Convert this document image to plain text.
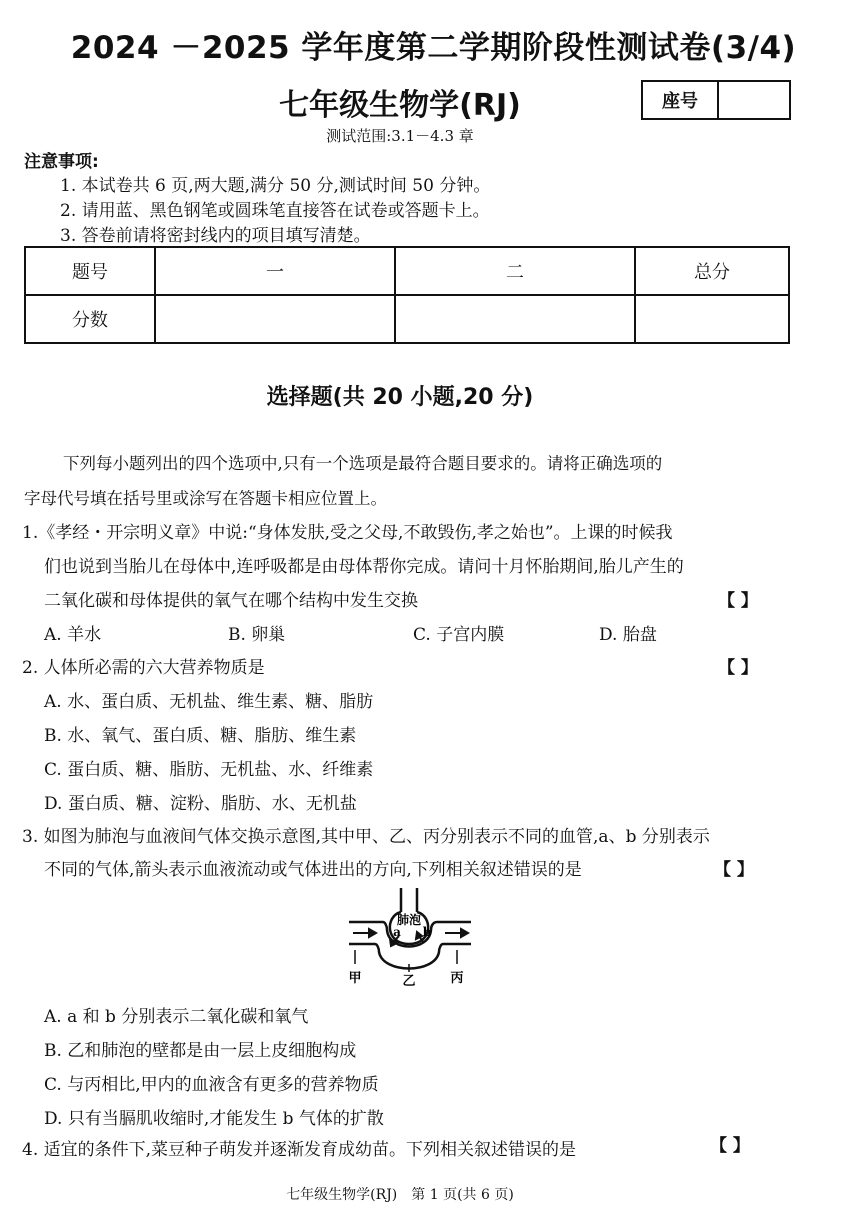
2024 －2025 学年度第二学期阶段性测试卷(3/4)
七年级生物学(RJ)	座号
测试范围:3.1－4.3 章
注意事项:
1. 本试卷共 6 页,两大题,满分 50 分,测试时间 50 分钟。
2. 请用蓝、黑色钢笔或圆珠笔直接答在试卷或答题卡上。
3. 答卷前请将密封线内的项目填写清楚。
题号	一	二	总分
分数			
选择题(共 20 小题,20 分)
下列每小题列出的四个选项中,只有一个选项是最符合题目要求的。请将正确选项的
字母代号填在括号里或涂写在答题卡相应位置上。
1.《孝经・开宗明义章》中说:“身体发肤,受之父母,不敢毁伤,孝之始也”。上课的时候我
们也说到当胎儿在母体中,连呼吸都是由母体帮你完成。请问十月怀胎期间,胎儿产生的
二氧化碳和母体提供的氧气在哪个结构中发生交换	【 】
A. 羊水	B. 卵巢	C. 子宫内膜	D. 胎盘
2. 人体所必需的六大营养物质是	【 】
A. 水、蛋白质、无机盐、维生素、糖、脂肪
B. 水、氧气、蛋白质、糖、脂肪、维生素
C. 蛋白质、糖、脂肪、无机盐、水、纤维素
D. 蛋白质、糖、淀粉、脂肪、水、无机盐
3. 如图为肺泡与血液间气体交换示意图,其中甲、乙、丙分别表示不同的血管,a、b 分别表示
不同的气体,箭头表示血液流动或气体进出的方向,下列相关叙述错误的是	【 】
肺泡
a b
甲	乙	丙
A. a 和 b 分别表示二氧化碳和氧气
B. 乙和肺泡的壁都是由一层上皮细胞构成
C. 与丙相比,甲内的血液含有更多的营养物质
D. 只有当膈肌收缩时,才能发生 b 气体的扩散
4. 适宜的条件下,菜豆种子萌发并逐渐发育成幼苗。下列相关叙述错误的是	【 】
七年级生物学(RJ)　第 1 页(共 6 页)
